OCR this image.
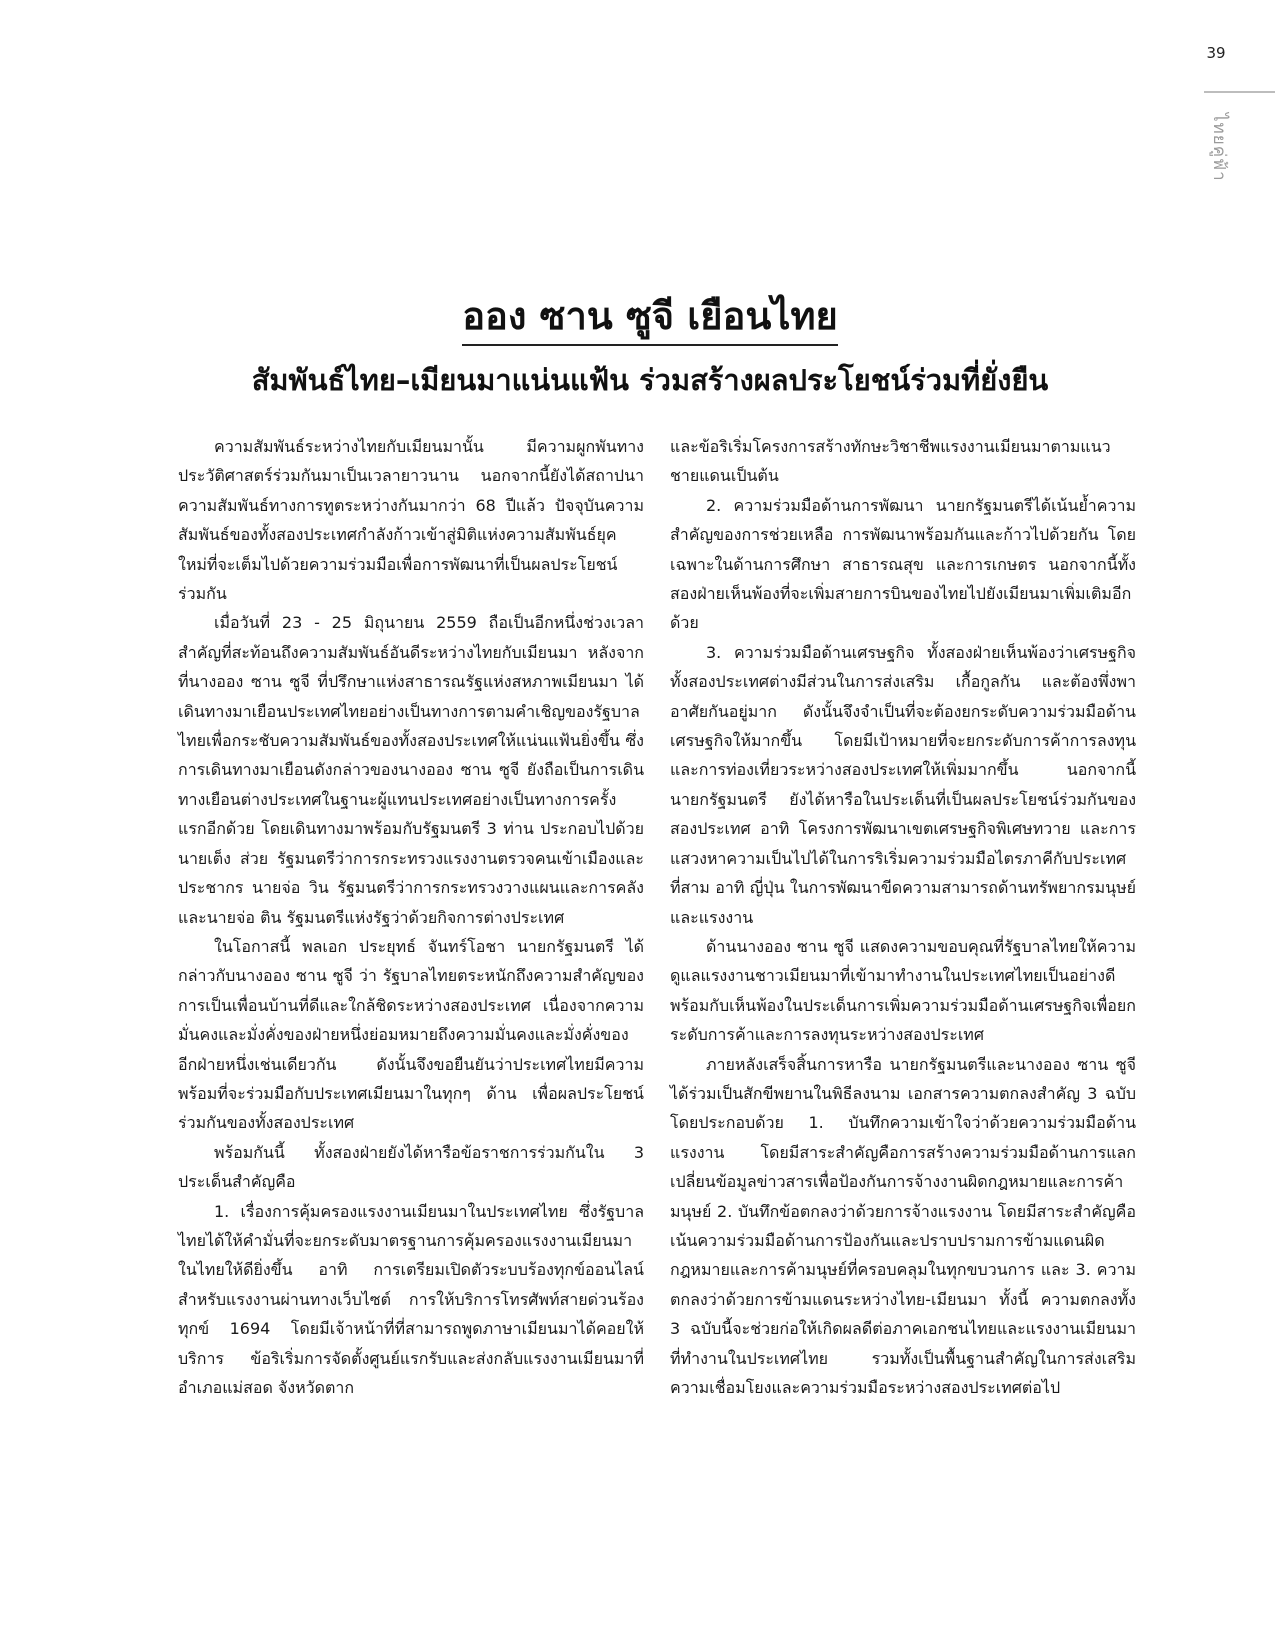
39
ไทยคู่ฟ้า
ออง ซาน ซูจี เยือนไทย
สัมพันธ์ไทย–เมียนมาแน่นแฟ้น ร่วมสร้างผลประโยชน์ร่วมที่ยั่งยืน

ความสัมพันธ์ระหว่างไทยกับเมียนมานั้น มีความผูกพันทางประวัติศาสตร์ร่วมกันมาเป็นเวลายาวนาน นอกจากนี้ยังได้สถาปนาความสัมพันธ์ทางการทูตระหว่างกันมากว่า 68 ปีแล้ว ปัจจุบันความสัมพันธ์ของทั้งสองประเทศกำลังก้าวเข้าสู่มิติแห่งความสัมพันธ์ยุคใหม่ที่จะเต็มไปด้วยความร่วมมือเพื่อการพัฒนาที่เป็นผลประโยชน์ร่วมกัน

เมื่อวันที่ 23 - 25 มิถุนายน 2559 ถือเป็นอีกหนึ่งช่วงเวลาสำคัญที่สะท้อนถึงความสัมพันธ์อันดีระหว่างไทยกับเมียนมา หลังจากที่นางออง ซาน ซูจี ที่ปรึกษาแห่งสาธารณรัฐแห่งสหภาพเมียนมา ได้เดินทางมาเยือนประเทศไทยอย่างเป็นทางการตามคำเชิญของรัฐบาลไทยเพื่อกระชับความสัมพันธ์ของทั้งสองประเทศให้แน่นแฟ้นยิ่งขึ้น ซึ่งการเดินทางมาเยือนดังกล่าวของนางออง ซาน ซูจี ยังถือเป็นการเดินทางเยือนต่างประเทศในฐานะผู้แทนประเทศอย่างเป็นทางการครั้งแรกอีกด้วย โดยเดินทางมาพร้อมกับรัฐมนตรี 3 ท่าน ประกอบไปด้วย นายเต็ง ส่วย รัฐมนตรีว่าการกระทรวงแรงงานตรวจคนเข้าเมืองและประชากร นายจ่อ วิน รัฐมนตรีว่าการกระทรวงวางแผนและการคลัง และนายจ่อ ติน รัฐมนตรีแห่งรัฐว่าด้วยกิจการต่างประเทศ

ในโอกาสนี้ พลเอก ประยุทธ์ จันทร์โอชา นายกรัฐมนตรี ได้กล่าวกับนางออง ซาน ซูจี ว่า รัฐบาลไทยตระหนักถึงความสำคัญของการเป็นเพื่อนบ้านที่ดีและใกล้ชิดระหว่างสองประเทศ เนื่องจากความมั่นคงและมั่งคั่งของฝ่ายหนึ่งย่อมหมายถึงความมั่นคงและมั่งคั่งของอีกฝ่ายหนึ่งเช่นเดียวกัน ดังนั้นจึงขอยืนยันว่าประเทศไทยมีความพร้อมที่จะร่วมมือกับประเทศเมียนมาในทุกๆ ด้าน เพื่อผลประโยชน์ร่วมกันของทั้งสองประเทศ

พร้อมกันนี้ ทั้งสองฝ่ายยังได้หารือข้อราชการร่วมกันใน 3 ประเด็นสำคัญคือ

1. เรื่องการคุ้มครองแรงงานเมียนมาในประเทศไทย ซึ่งรัฐบาลไทยได้ให้คำมั่นที่จะยกระดับมาตรฐานการคุ้มครองแรงงานเมียนมาในไทยให้ดียิ่งขึ้น อาทิ การเตรียมเปิดตัวระบบร้องทุกข์ออนไลน์สำหรับแรงงานผ่านทางเว็บไซต์ การให้บริการโทรศัพท์สายด่วนร้องทุกข์ 1694 โดยมีเจ้าหน้าที่ที่สามารถพูดภาษาเมียนมาได้คอยให้บริการ ข้อริเริ่มการจัดตั้งศูนย์แรกรับและส่งกลับแรงงานเมียนมาที่อำเภอแม่สอด จังหวัดตาก

และข้อริเริ่มโครงการสร้างทักษะวิชาชีพแรงงานเมียนมาตามแนวชายแดนเป็นต้น

2. ความร่วมมือด้านการพัฒนา นายกรัฐมนตรีได้เน้นย้ำความสำคัญของการช่วยเหลือ การพัฒนาพร้อมกันและก้าวไปด้วยกัน โดยเฉพาะในด้านการศึกษา สาธารณสุข และการเกษตร นอกจากนี้ทั้งสองฝ่ายเห็นพ้องที่จะเพิ่มสายการบินของไทยไปยังเมียนมาเพิ่มเติมอีกด้วย

3. ความร่วมมือด้านเศรษฐกิจ ทั้งสองฝ่ายเห็นพ้องว่าเศรษฐกิจทั้งสองประเทศต่างมีส่วนในการส่งเสริม เกื้อกูลกัน และต้องพึ่งพาอาศัยกันอยู่มาก ดังนั้นจึงจำเป็นที่จะต้องยกระดับความร่วมมือด้านเศรษฐกิจให้มากขึ้น โดยมีเป้าหมายที่จะยกระดับการค้าการลงทุนและการท่องเที่ยวระหว่างสองประเทศให้เพิ่มมากขึ้น นอกจากนี้ นายกรัฐมนตรี ยังได้หารือในประเด็นที่เป็นผลประโยชน์ร่วมกันของสองประเทศ อาทิ โครงการพัฒนาเขตเศรษฐกิจพิเศษทวาย และการแสวงหาความเป็นไปได้ในการริเริ่มความร่วมมือไตรภาคีกับประเทศที่สาม อาทิ ญี่ปุ่น ในการพัฒนาขีดความสามารถด้านทรัพยากรมนุษย์และแรงงาน

ด้านนางออง ซาน ซูจี แสดงความขอบคุณที่รัฐบาลไทยให้ความดูแลแรงงานชาวเมียนมาที่เข้ามาทำงานในประเทศไทยเป็นอย่างดี พร้อมกับเห็นพ้องในประเด็นการเพิ่มความร่วมมือด้านเศรษฐกิจเพื่อยกระดับการค้าและการลงทุนระหว่างสองประเทศ

ภายหลังเสร็จสิ้นการหารือ นายกรัฐมนตรีและนางออง ซาน ซูจี ได้ร่วมเป็นสักขีพยานในพิธีลงนาม เอกสารความตกลงสำคัญ 3 ฉบับ โดยประกอบด้วย 1. บันทึกความเข้าใจว่าด้วยความร่วมมือด้านแรงงาน โดยมีสาระสำคัญคือการสร้างความร่วมมือด้านการแลกเปลี่ยนข้อมูลข่าวสารเพื่อป้องกันการจ้างงานผิดกฎหมายและการค้ามนุษย์ 2. บันทึกข้อตกลงว่าด้วยการจ้างแรงงาน โดยมีสาระสำคัญคือเน้นความร่วมมือด้านการป้องกันและปราบปรามการข้ามแดนผิดกฎหมายและการค้ามนุษย์ที่ครอบคลุมในทุกขบวนการ และ 3. ความตกลงว่าด้วยการข้ามแดนระหว่างไทย-เมียนมา ทั้งนี้ ความตกลงทั้ง 3 ฉบับนี้จะช่วยก่อให้เกิดผลดีต่อภาคเอกชนไทยและแรงงานเมียนมาที่ทำงานในประเทศไทย รวมทั้งเป็นพื้นฐานสำคัญในการส่งเสริมความเชื่อมโยงและความร่วมมือระหว่างสองประเทศต่อไป
